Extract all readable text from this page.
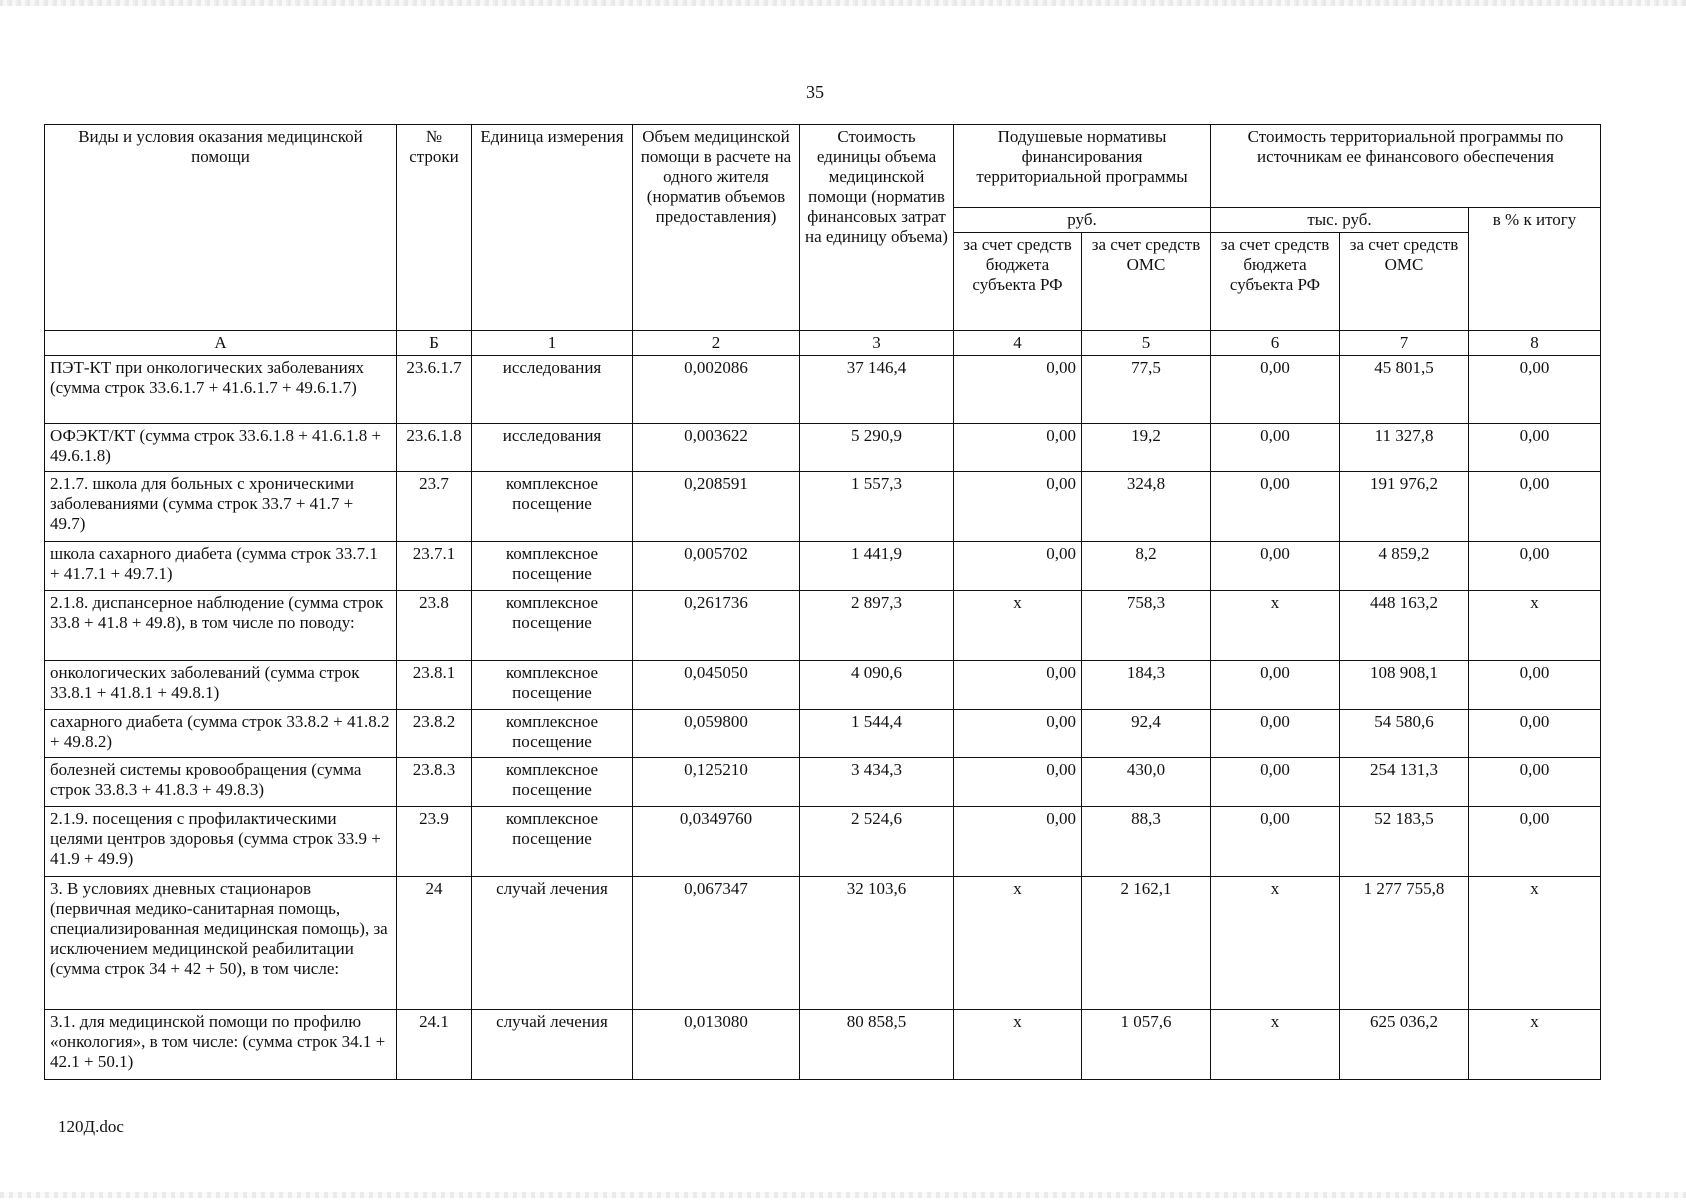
35
Виды и условия оказания медицинской помощи	№ строки	Единица измерения	Объем медицинской помощи в расчете на одного жителя (норматив объемов предоставления)	Стоимость единицы объема медицинской помощи (норматив финансовых затрат на единицу объема)	Подушевые нормативы финансирования территориальной программы		Стоимость территориальной программы по источникам ее финансового обеспечения		
					руб.		тыс. руб.		в % к итогу
					за счет средств бюджета субъекта РФ	за счет средств ОМС	за счет средств бюджета субъекта РФ	за счет средств ОМС	
А	Б	1	2	3	4	5	6	7	8
ПЭТ-КТ при онкологических заболеваниях (сумма строк 33.6.1.7 + 41.6.1.7 + 49.6.1.7)	23.6.1.7	исследования	0,002086	37 146,4	0,00	77,5	0,00	45 801,5	0,00
ОФЭКТ/КТ (сумма строк 33.6.1.8 + 41.6.1.8 + 49.6.1.8)	23.6.1.8	исследования	0,003622	5 290,9	0,00	19,2	0,00	11 327,8	0,00
2.1.7. школа для больных с хроническими заболеваниями (сумма строк 33.7 + 41.7 + 49.7)	23.7	комплексное посещение	0,208591	1 557,3	0,00	324,8	0,00	191 976,2	0,00
школа сахарного диабета (сумма строк 33.7.1 + 41.7.1 + 49.7.1)	23.7.1	комплексное посещение	0,005702	1 441,9	0,00	8,2	0,00	4 859,2	0,00
2.1.8. диспансерное наблюдение (сумма строк 33.8 + 41.8 + 49.8), в том числе по поводу:	23.8	комплексное посещение	0,261736	2 897,3	х	758,3	х	448 163,2	х
онкологических заболеваний (сумма строк 33.8.1 + 41.8.1 + 49.8.1)	23.8.1	комплексное посещение	0,045050	4 090,6	0,00	184,3	0,00	108 908,1	0,00
сахарного диабета (сумма строк 33.8.2 + 41.8.2 + 49.8.2)	23.8.2	комплексное посещение	0,059800	1 544,4	0,00	92,4	0,00	54 580,6	0,00
болезней системы кровообращения (сумма строк 33.8.3 + 41.8.3 + 49.8.3)	23.8.3	комплексное посещение	0,125210	3 434,3	0,00	430,0	0,00	254 131,3	0,00
2.1.9. посещения с профилактическими целями центров здоровья (сумма строк 33.9 + 41.9 + 49.9)	23.9	комплексное посещение	0,0349760	2 524,6	0,00	88,3	0,00	52 183,5	0,00
3. В условиях дневных стационаров (первичная медико-санитарная помощь, специализированная медицинская помощь), за исключением медицинской реабилитации (сумма строк 34 + 42 + 50), в том числе:	24	случай лечения	0,067347	32 103,6	х	2 162,1	х	1 277 755,8	х
3.1. для медицинской помощи по профилю «онкология», в том числе: (сумма строк 34.1 + 42.1 + 50.1)	24.1	случай лечения	0,013080	80 858,5	х	1 057,6	х	625 036,2	х
120Д.doc
